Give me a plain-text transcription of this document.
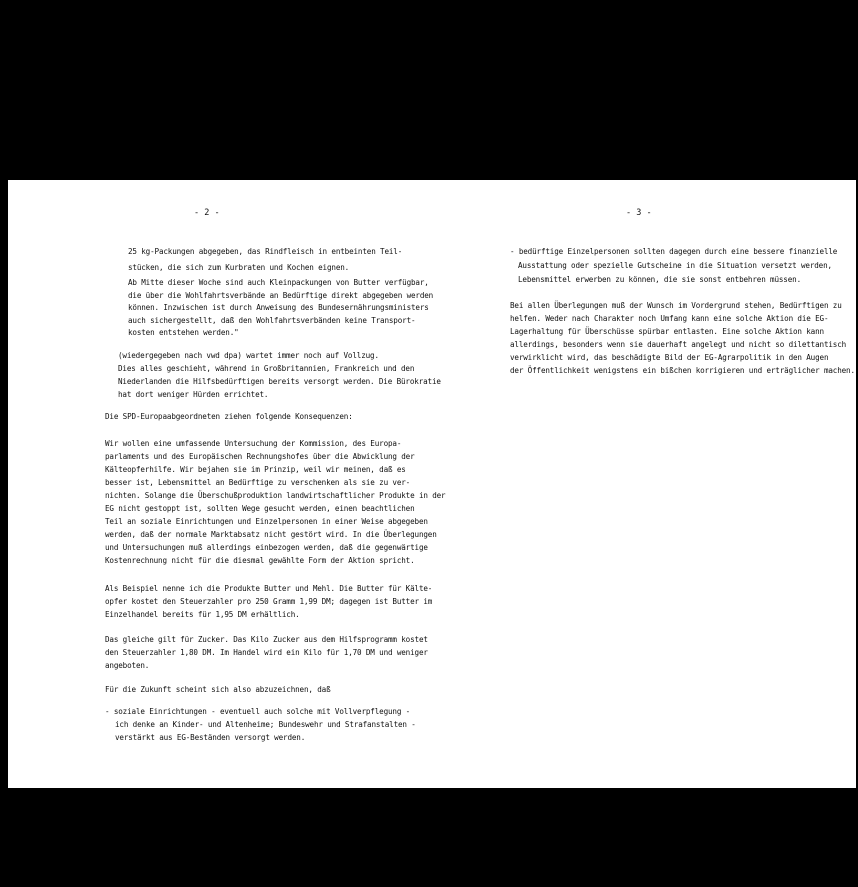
- 2 -
25 kg-Packungen abgegeben, das Rindfleisch in entbeinten Teil-
stücken, die sich zum Kurbraten und Kochen eignen.
Ab Mitte dieser Woche sind auch Kleinpackungen von Butter verfügbar,
die über die Wohlfahrtsverbände an Bedürftige direkt abgegeben werden
können. Inzwischen ist durch Anweisung des Bundesernährungsministers
auch sichergestellt, daß den Wohlfahrtsverbänden keine Transport-
kosten entstehen werden."
(wiedergegeben nach vwd dpa) wartet immer noch auf Vollzug.
Dies alles geschieht, während in Großbritannien, Frankreich und den
Niederlanden die Hilfsbedürftigen bereits versorgt werden. Die Bürokratie
hat dort weniger Hürden errichtet.
Die SPD-Europaabgeordneten ziehen folgende Konsequenzen:
Wir wollen eine umfassende Untersuchung der Kommission, des Europa-
parlaments und des Europäischen Rechnungshofes über die Abwicklung der
Kälteopferhilfe. Wir bejahen sie im Prinzip, weil wir meinen, daß es
besser ist, Lebensmittel an Bedürftige zu verschenken als sie zu ver-
nichten. Solange die Überschußproduktion landwirtschaftlicher Produkte in der
EG nicht gestoppt ist, sollten Wege gesucht werden, einen beachtlichen
Teil an soziale Einrichtungen und Einzelpersonen in einer Weise abgegeben
werden, daß der normale Marktabsatz nicht gestört wird. In die Überlegungen
und Untersuchungen muß allerdings einbezogen werden, daß die gegenwärtige
Kostenrechnung nicht für die diesmal gewählte Form der Aktion spricht.
Als Beispiel nenne ich die Produkte Butter und Mehl. Die Butter für Kälte-
opfer kostet den Steuerzahler pro 250 Gramm 1,99 DM; dagegen ist Butter im
Einzelhandel bereits für 1,95 DM erhältlich.
Das gleiche gilt für Zucker. Das Kilo Zucker aus dem Hilfsprogramm kostet
den Steuerzahler 1,80 DM. Im Handel wird ein Kilo für 1,70 DM und weniger
angeboten.
Für die Zukunft scheint sich also abzuzeichnen, daß
- soziale Einrichtungen - eventuell auch solche mit Vollverpflegung -
ich denke an Kinder- und Altenheime; Bundeswehr und Strafanstalten -
verstärkt aus EG-Beständen versorgt werden.
- 3 -
- bedürftige Einzelpersonen sollten dagegen durch eine bessere finanzielle
Ausstattung oder spezielle Gutscheine in die Situation versetzt werden,
Lebensmittel erwerben zu können, die sie sonst entbehren müssen.
Bei allen Überlegungen muß der Wunsch im Vordergrund stehen, Bedürftigen zu
helfen. Weder nach Charakter noch Umfang kann eine solche Aktion die EG-
Lagerhaltung für Überschüsse spürbar entlasten. Eine solche Aktion kann
allerdings, besonders wenn sie dauerhaft angelegt und nicht so dilettantisch
verwirklicht wird, das beschädigte Bild der EG-Agrarpolitik in den Augen
der Öffentlichkeit wenigstens ein bißchen korrigieren und erträglicher machen.
